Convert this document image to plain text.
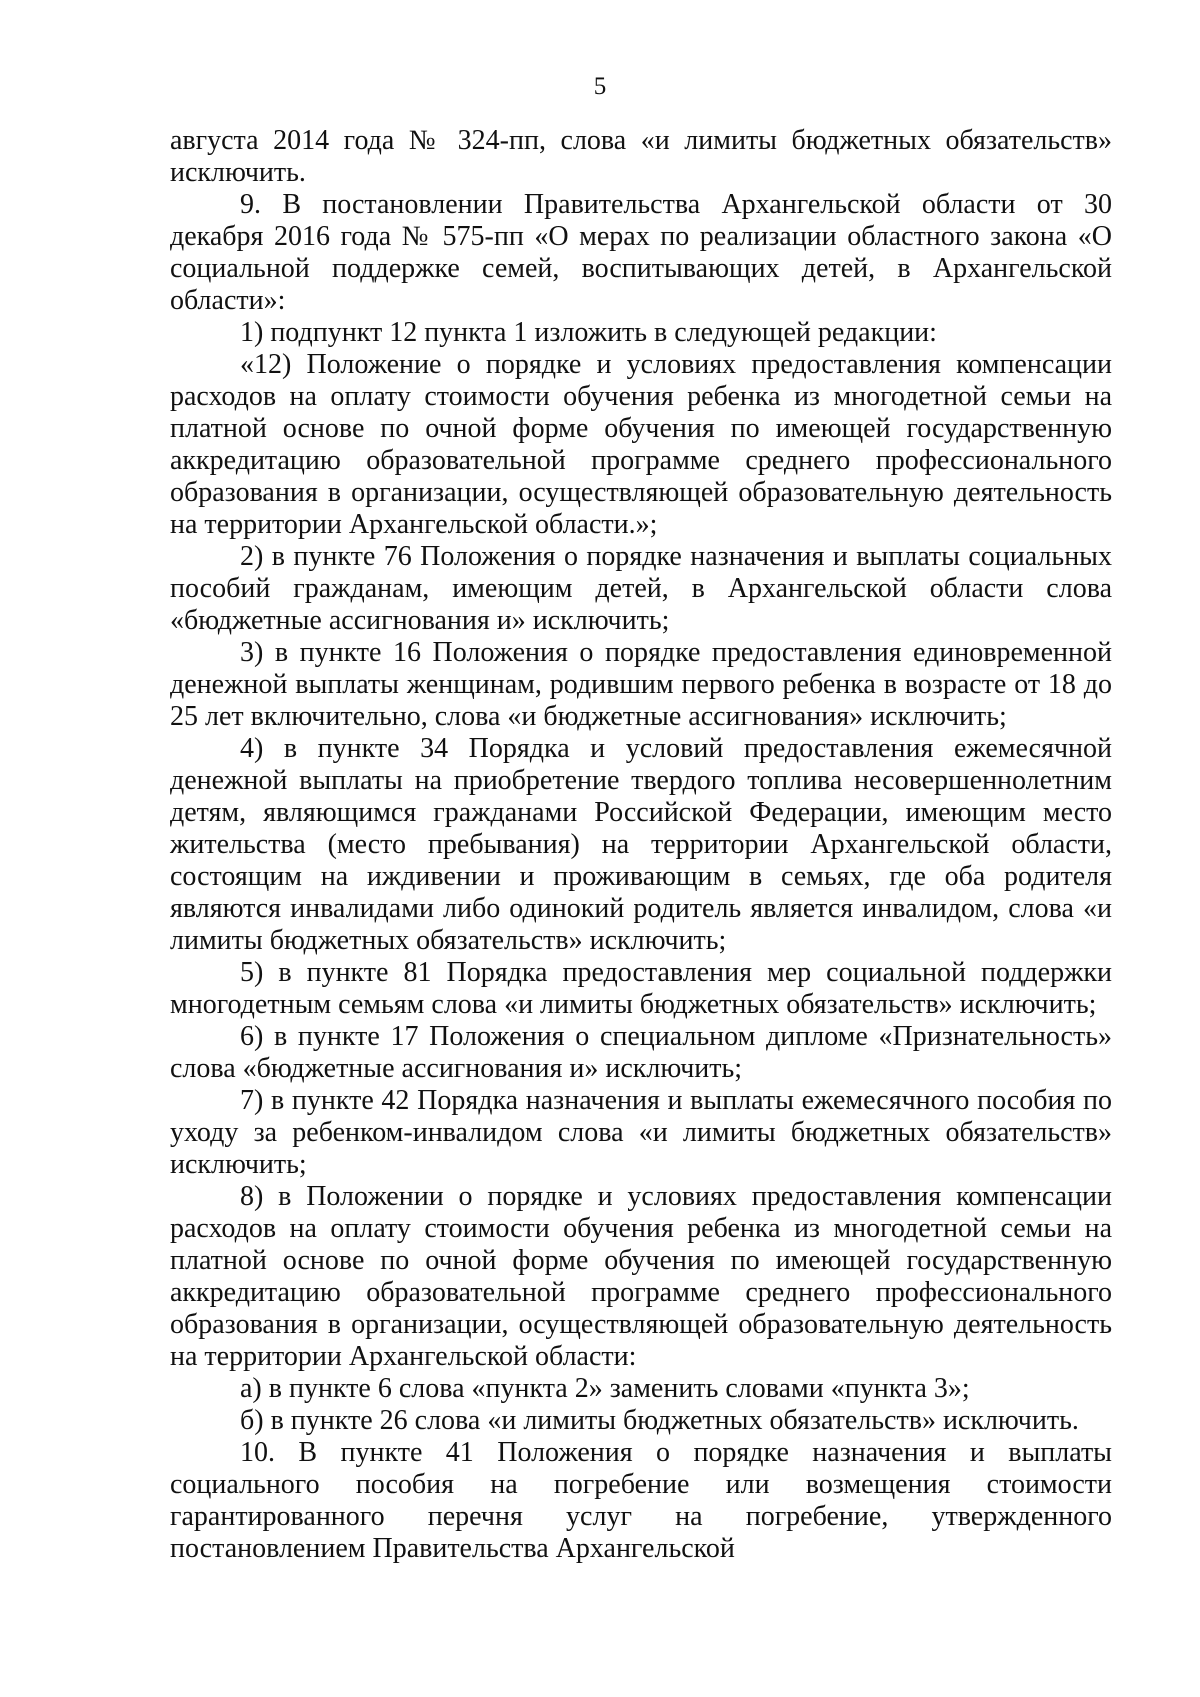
5

августа 2014 года № 324-пп, слова «и лимиты бюджетных обязательств» исключить.

9. В постановлении Правительства Архангельской области от 30 декабря 2016 года № 575-пп «О мерах по реализации областного закона «О социальной поддержке семей, воспитывающих детей, в Архангельской области»:

1) подпункт 12 пункта 1 изложить в следующей редакции:

«12) Положение о порядке и условиях предоставления компенсации расходов на оплату стоимости обучения ребенка из многодетной семьи на платной основе по очной форме обучения по имеющей государственную аккредитацию образовательной программе среднего профессионального образования в организации, осуществляющей образовательную деятельность на территории Архангельской области.»;

2) в пункте 76 Положения о порядке назначения и выплаты социальных пособий гражданам, имеющим детей, в Архангельской области слова «бюджетные ассигнования и» исключить;

3) в пункте 16 Положения о порядке предоставления единовременной денежной выплаты женщинам, родившим первого ребенка в возрасте от 18 до 25 лет включительно, слова «и бюджетные ассигнования» исключить;

4) в пункте 34 Порядка и условий предоставления ежемесячной денежной выплаты на приобретение твердого топлива несовершеннолетним детям, являющимся гражданами Российской Федерации, имеющим место жительства (место пребывания) на территории Архангельской области, состоящим на иждивении и проживающим в семьях, где оба родителя являются инвалидами либо одинокий родитель является инвалидом, слова «и лимиты бюджетных обязательств» исключить;

5) в пункте 81 Порядка предоставления мер социальной поддержки многодетным семьям слова «и лимиты бюджетных обязательств» исключить;

6) в пункте 17 Положения о специальном дипломе «Признательность» слова «бюджетные ассигнования и» исключить;

7) в пункте 42 Порядка назначения и выплаты ежемесячного пособия по уходу за ребенком-инвалидом слова «и лимиты бюджетных обязательств» исключить;

8) в Положении о порядке и условиях предоставления компенсации расходов на оплату стоимости обучения ребенка из многодетной семьи на платной основе по очной форме обучения по имеющей государственную аккредитацию образовательной программе среднего профессионального образования в организации, осуществляющей образовательную деятельность на территории Архангельской области:

а) в пункте 6 слова «пункта 2» заменить словами «пункта 3»;

б) в пункте 26 слова «и лимиты бюджетных обязательств» исключить.

10. В пункте 41 Положения о порядке назначения и выплаты социального пособия на погребение или возмещения стоимости гарантированного перечня услуг на погребение, утвержденного постановлением Правительства Архангельской
